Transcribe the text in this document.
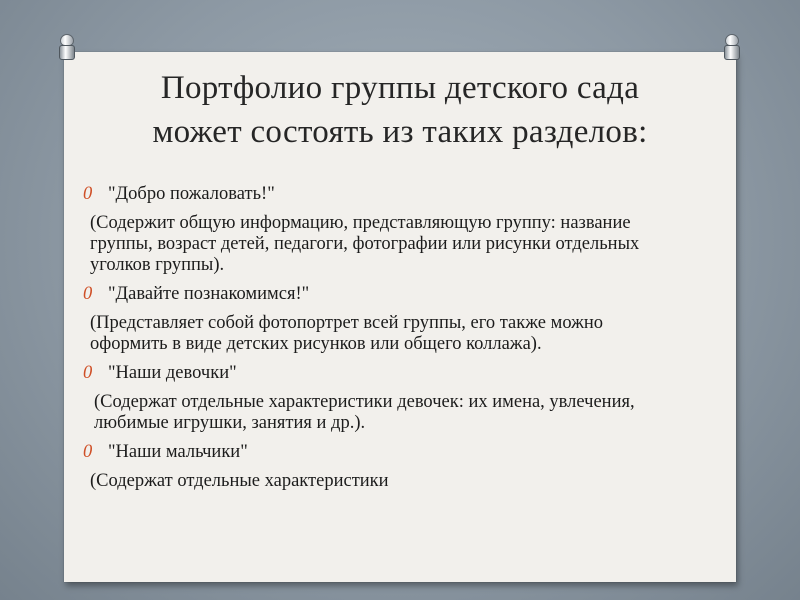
Портфолио группы детского сада
может состоять из таких разделов:
0 "Добро пожаловать!"
(Содержит общую информацию, представляющую группу: название группы, возраст детей, педагоги, фотографии или рисунки отдельных уголков группы).
0 "Давайте познакомимся!"
(Представляет собой фотопортрет всей группы, его также можно оформить в виде детских рисунков или общего коллажа).
0 "Наши девочки"
(Содержат отдельные характеристики девочек: их имена, увлечения, любимые игрушки, занятия и др.).
0 "Наши мальчики"
(Содержат отдельные характеристики
